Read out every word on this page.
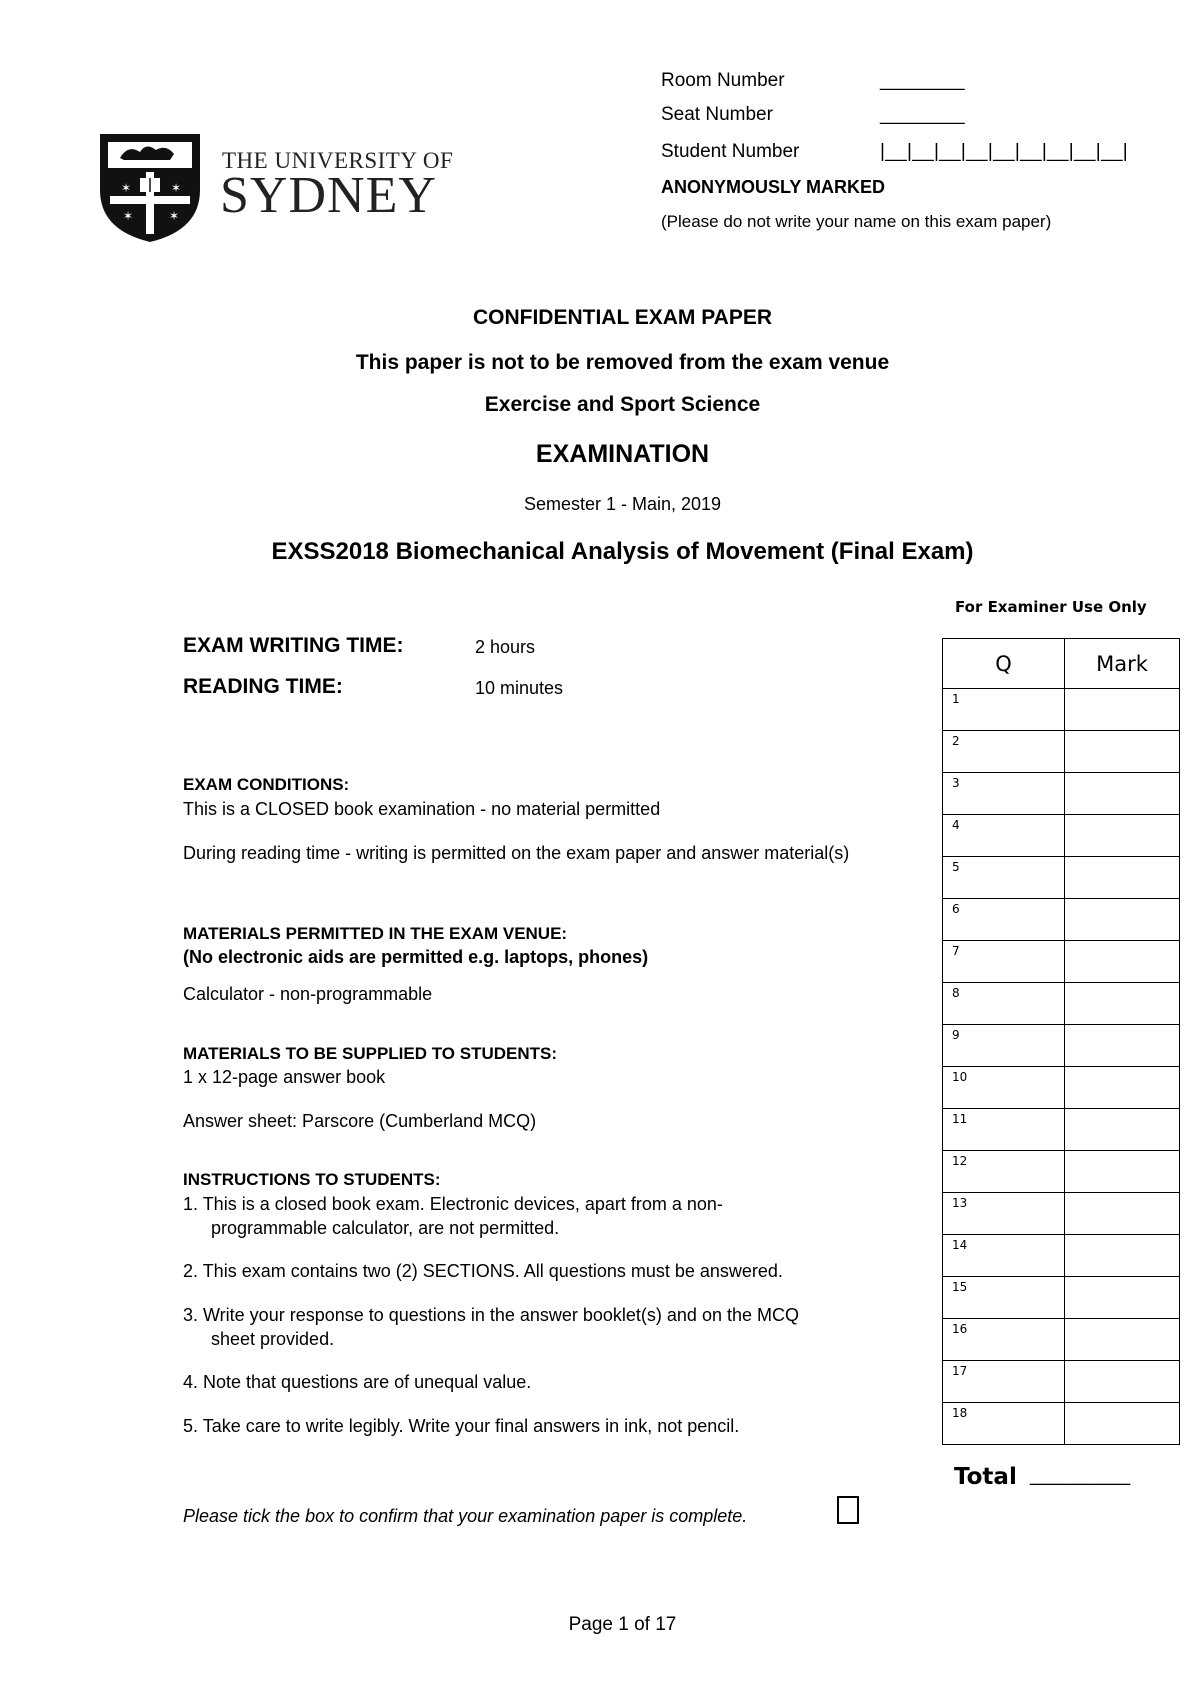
Room Number	________
Seat Number	________
Student Number	|__|__|__|__|__|__|__|__|__|
ANONYMOUSLY MARKED
(Please do not write your name on this exam paper)
✶	✶
✶	✶
THE UNIVERSITY OF
SYDNEY
CONFIDENTIAL EXAM PAPER
This paper is not to be removed from the exam venue
Exercise and Sport Science
EXAMINATION
Semester 1 - Main, 2019
EXSS2018 Biomechanical Analysis of Movement (Final Exam)
EXAM WRITING TIME:	2 hours
READING TIME:	10 minutes
EXAM CONDITIONS:
This is a CLOSED book examination - no material permitted
During reading time - writing is permitted on the exam paper and answer material(s)
MATERIALS PERMITTED IN THE EXAM VENUE:
(No electronic aids are permitted e.g. laptops, phones)
Calculator - non-programmable
MATERIALS TO BE SUPPLIED TO STUDENTS:
1 x 12-page answer book
Answer sheet: Parscore (Cumberland MCQ)
INSTRUCTIONS TO STUDENTS:
1. This is a closed book exam. Electronic devices, apart from a non-
programmable calculator, are not permitted.
2. This exam contains two (2) SECTIONS. All questions must be answered.
3. Write your response to questions in the answer booklet(s) and on the MCQ
sheet provided.
4. Note that questions are of unequal value.
5. Take care to write legibly. Write your final answers in ink, not pencil.
Please tick the box to confirm that your examination paper is complete.
For Examiner Use Only
Q	Mark
1	
2	
3	
4	
5	
6	
7	
8	
9	
10	
11	
12	
13	
14	
15	
16	
17	
18	
Total _________
Page 1 of 17
